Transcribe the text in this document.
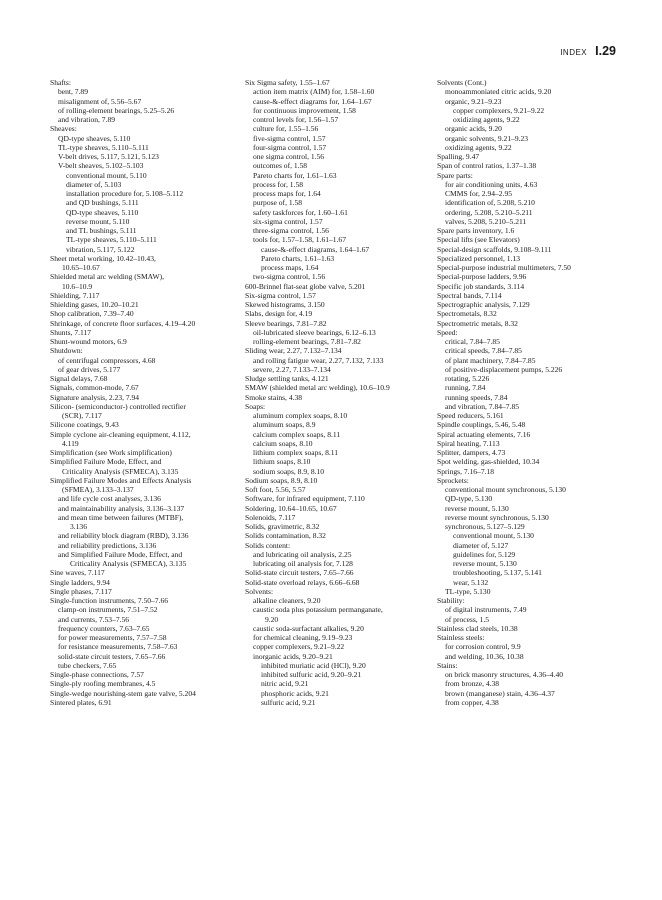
INDEX I.29
Shafts:
bent, 7.89
misalignment of, 5.56–5.67
of rolling-element bearings, 5.25–5.26
and vibration, 7.89
Sheaves:
QD-type sheaves, 5.110
TL-type sheaves, 5.110–5.111
V-belt drives, 5.117, 5.121, 5.123
V-belt sheaves, 5.102–5.103
conventional mount, 5.110
diameter of, 5.103
installation procedure for, 5.108–5.112
and QD bushings, 5.111
QD-type sheaves, 5.110
reverse mount, 5.110
and TL bushings, 5.111
TL-type sheaves, 5.110–5.111
vibration, 5.117, 5.122
Sheet metal working, 10.42–10.43,
10.65–10.67
Shielded metal arc welding (SMAW),
10.6–10.9
Shielding, 7.117
Shielding gases, 10.20–10.21
Shop calibration, 7.39–7.40
Shrinkage, of concrete floor surfaces, 4.19–4.20
Shunts, 7.117
Shunt-wound motors, 6.9
Shutdown:
of centrifugal compressors, 4.68
of gear drives, 5.177
Signal delays, 7.68
Signals, common-mode, 7.67
Signature analysis, 2.23, 7.94
Silicon- (semiconductor-) controlled rectifier
(SCR), 7.117
Silicone coatings, 9.43
Simple cyclone air-cleaning equipment, 4.112,
4.119
Simplification (see Work simplification)
Simplified Failure Mode, Effect, and
Criticality Analysis (SFMECA), 3.135
Simplified Failure Modes and Effects Analysis
(SFMEA), 3.133–3.137
and life cycle cost analyses, 3.136
and maintainability analysis, 3.136–3.137
and mean time between failures (MTBF),
3.136
and reliability block diagram (RBD), 3.136
and reliability predictions, 3.136
and Simplified Failure Mode, Effect, and
Criticality Analysis (SFMECA), 3.135
Sine waves, 7.117
Single ladders, 9.94
Single phases, 7.117
Single-function instruments, 7.50–7.66
clamp-on instruments, 7.51–7.52
and currents, 7.53–7.56
frequency counters, 7.63–7.65
for power measurements, 7.57–7.58
for resistance measurements, 7.58–7.63
solid-state circuit testers, 7.65–7.66
tube checkers, 7.65
Single-phase connections, 7.57
Single-ply roofing membranes, 4.5
Single-wedge nourishing-stem gate valve, 5.204
Sintered plates, 6.91
Six Sigma safety, 1.55–1.67
action item matrix (AIM) for, 1.58–1.60
cause-&-effect diagrams for, 1.64–1.67
for continuous improvement, 1.58
control levels for, 1.56–1.57
culture for, 1.55–1.56
five-sigma control, 1.57
four-sigma control, 1.57
one sigma control, 1.56
outcomes of, 1.58
Pareto charts for, 1.61–1.63
process for, 1.58
process maps for, 1.64
purpose of, 1.58
safety taskforces for, 1.60–1.61
six-sigma control, 1.57
three-sigma control, 1.56
tools for, 1.57–1.58, 1.61–1.67
cause-&-effect diagrams, 1.64–1.67
Pareto charts, 1.61–1.63
process maps, 1.64
two-sigma control, 1.56
600-Brinnel flat-seat globe valve, 5.201
Six-sigma control, 1.57
Skewed histograms, 3.150
Slabs, design for, 4.19
Sleeve bearings, 7.81–7.82
oil-lubricated sleeve bearings, 6.12–6.13
rolling-element bearings, 7.81–7.82
Sliding wear, 2.27, 7.132–7.134
and rolling fatigue wear, 2.27, 7.132, 7.133
severe, 2.27, 7.133–7.134
Sludge settling tanks, 4.121
SMAW (shielded metal arc welding), 10.6–10.9
Smoke stains, 4.38
Soaps:
aluminum complex soaps, 8.10
aluminum soaps, 8.9
calcium complex soaps, 8.11
calcium soaps, 8.10
lithium complex soaps, 8.11
lithium soaps, 8.10
sodium soaps, 8.9, 8.10
Sodium soaps, 8.9, 8.10
Soft foot, 5.56, 5.57
Software, for infrared equipment, 7.110
Soldering, 10.64–10.65, 10.67
Solenoids, 7.117
Solids, gravimetric, 8.32
Solids contamination, 8.32
Solids content:
and lubricating oil analysis, 2.25
lubricating oil analysis for, 7.128
Solid-state circuit testers, 7.65–7.66
Solid-state overload relays, 6.66–6.68
Solvents:
alkaline cleaners, 9.20
caustic soda plus potassium permanganate,
9.20
caustic soda-surfactant alkalies, 9.20
for chemical cleaning, 9.19–9.23
copper complexers, 9.21–9.22
inorganic acids, 9.20–9.21
inhibited muriatic acid (HCl), 9.20
inhibited sulfuric acid, 9.20–9.21
nitric acid, 9.21
phosphoric acids, 9.21
sulfuric acid, 9.21
Solvents (Cont.)
monoammoniated citric acids, 9.20
organic, 9.21–9.23
copper complexers, 9.21–9.22
oxidizing agents, 9.22
organic acids, 9.20
organic solvents, 9.21–9.23
oxidizing agents, 9.22
Spalling, 9.47
Span of control ratios, 1.37–1.38
Spare parts:
for air conditioning units, 4.63
CMMS for, 2.94–2.95
identification of, 5.208, 5.210
ordering, 5.208, 5.210–5.211
valves, 5.208, 5.210–5.211
Spare parts inventory, 1.6
Special lifts (see Elevators)
Special-design scaffolds, 9.108–9.111
Specialized personnel, 1.13
Special-purpose industrial multimeters, 7.50
Special-purpose ladders, 9.96
Specific job standards, 3.114
Spectral bands, 7.114
Spectrographic analysis, 7.129
Spectrometals, 8.32
Spectrometric metals, 8.32
Speed:
critical, 7.84–7.85
critical speeds, 7.84–7.85
of plant machinery, 7.84–7.85
of positive-displacement pumps, 5.226
rotating, 5.226
running, 7.84
running speeds, 7.84
and vibration, 7.84–7.85
Speed reducers, 5.161
Spindle couplings, 5.46, 5.48
Spiral actuating elements, 7.16
Spiral heating, 7.113
Splitter, dampers, 4.73
Spot welding, gas-shielded, 10.34
Springs, 7.16–7.18
Sprockets:
conventional mount synchronous, 5.130
QD-type, 5.130
reverse mount, 5.130
reverse mount synchronous, 5.130
synchronous, 5.127–5.129
conventional mount, 5.130
diameter of, 5.127
guidelines for, 5.129
reverse mount, 5.130
troubleshooting, 5.137, 5.141
wear, 5.132
TL-type, 5.130
Stability:
of digital instruments, 7.49
of process, 1.5
Stainless clad steels, 10.38
Stainless steels:
for corrosion control, 9.9
and welding, 10.36, 10.38
Stains:
on brick masonry structures, 4.36–4.40
from bronze, 4.38
brown (manganese) stain, 4.36–4.37
from copper, 4.38
